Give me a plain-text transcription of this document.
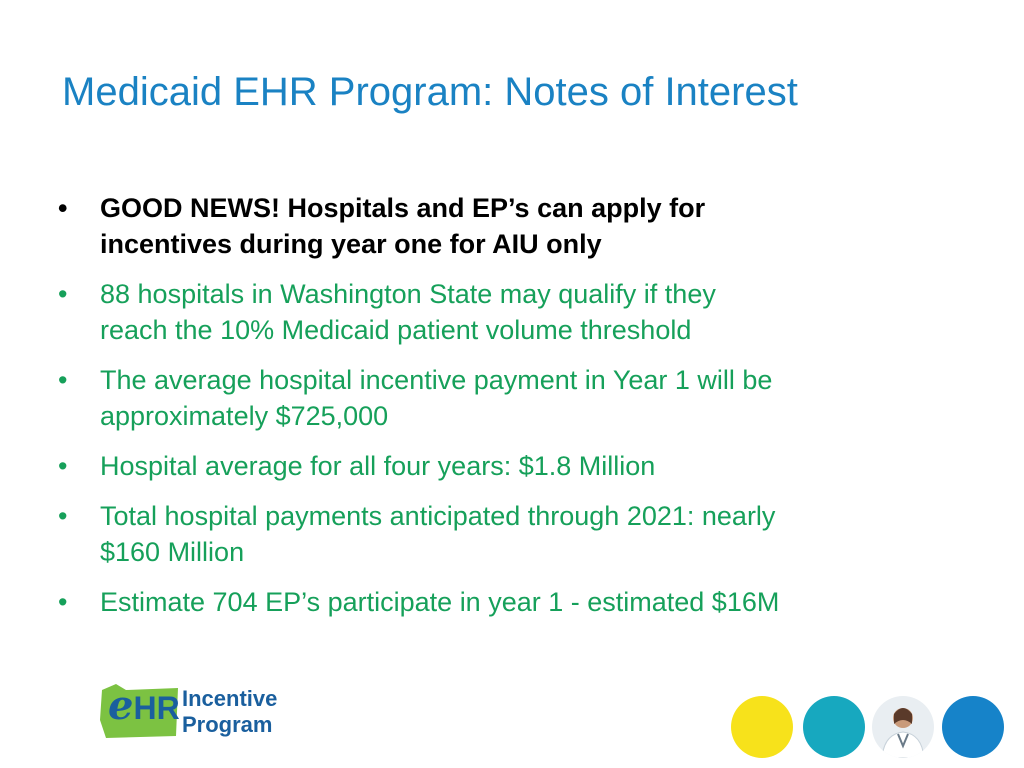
Medicaid EHR Program: Notes of Interest
•	GOOD NEWS! Hospitals and EP’s can apply for
incentives during year one for AIU only
•	88 hospitals in Washington State may qualify if they
reach the 10% Medicaid patient volume threshold
•	The average hospital incentive payment in Year 1 will be
approximately $725,000
•	Hospital average for all four years: $1.8 Million
•	Total hospital payments anticipated through 2021: nearly
$160 Million
•	Estimate 704 EP’s participate in year 1 - estimated $16M
eHR Incentive
Program
